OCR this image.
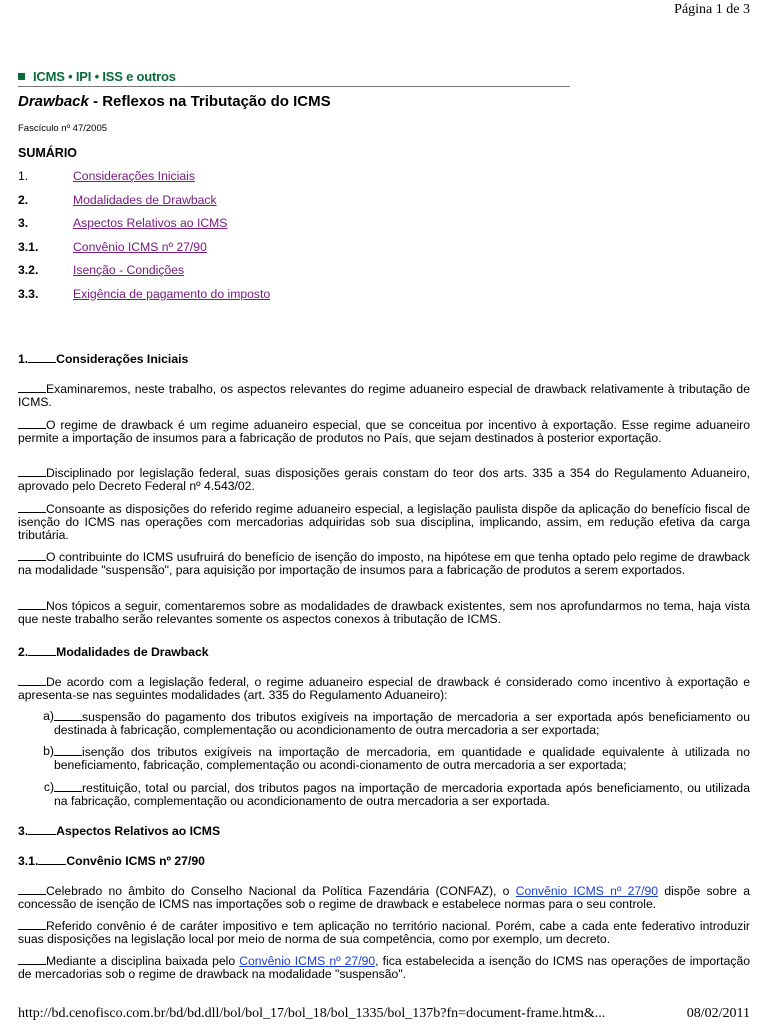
Página 1 de 3
ICMS • IPI • ISS e outros
Drawback - Reflexos na Tributação do ICMS
Fascículo nº 47/2005
SUMÁRIO
1.	Considerações Iniciais
2.	Modalidades de Drawback
3.	Aspectos Relativos ao ICMS
3.1.	Convênio ICMS nº 27/90
3.2.	Isenção - Condições
3.3.	Exigência de pagamento do imposto
1. Considerações Iniciais

Examinaremos, neste trabalho, os aspectos relevantes do regime aduaneiro especial de drawback relativamente à tributação de ICMS.

O regime de drawback é um regime aduaneiro especial, que se conceitua por incentivo à exportação. Esse regime aduaneiro permite a importação de insumos para a fabricação de produtos no País, que sejam destinados à posterior exportação.

Disciplinado por legislação federal, suas disposições gerais constam do teor dos arts. 335 a 354 do Regulamento Aduaneiro, aprovado pelo Decreto Federal nº 4.543/02.

Consoante as disposições do referido regime aduaneiro especial, a legislação paulista dispõe da aplicação do benefício fiscal de isenção do ICMS nas operações com mercadorias adquiridas sob sua disciplina, implicando, assim, em redução efetiva da carga tributária.

O contribuinte do ICMS usufruirá do benefício de isenção do imposto, na hipótese em que tenha optado pelo regime de drawback na modalidade "suspensão", para aquisição por importação de insumos para a fabricação de produtos a serem exportados.

Nos tópicos a seguir, comentaremos sobre as modalidades de drawback existentes, sem nos aprofundarmos no tema, haja vista que neste trabalho serão relevantes somente os aspectos conexos à tributação de ICMS.

2. Modalidades de Drawback

De acordo com a legislação federal, o regime aduaneiro especial de drawback é considerado como incentivo à exportação e apresenta-se nas seguintes modalidades (art. 335 do Regulamento Aduaneiro):

a)	suspensão do pagamento dos tributos exigíveis na importação de mercadoria a ser exportada após beneficiamento ou destinada à fabricação, complementação ou acondicionamento de outra mercadoria a ser exportada;
b)	isenção dos tributos exigíveis na importação de mercadoria, em quantidade e qualidade equivalente à utilizada no beneficiamento, fabricação, complementação ou acondi-cionamento de outra mercadoria a ser exportada;
c)	restituição, total ou parcial, dos tributos pagos na importação de mercadoria exportada após beneficiamento, ou utilizada na fabricação, complementação ou acondicionamento de outra mercadoria a ser exportada.
3. Aspectos Relativos ao ICMS
3.1. Convênio ICMS nº 27/90

Celebrado no âmbito do Conselho Nacional da Política Fazendária (CONFAZ), o Convênio ICMS nº 27/90 dispõe sobre a concessão de isenção de ICMS nas importações sob o regime de drawback e estabelece normas para o seu controle.

Referido convênio é de caráter impositivo e tem aplicação no território nacional. Porém, cabe a cada ente federativo introduzir suas disposições na legislação local por meio de norma de sua competência, como por exemplo, um decreto.

Mediante a disciplina baixada pelo Convênio ICMS nº 27/90, fica estabelecida a isenção do ICMS nas operações de importação de mercadorias sob o regime de drawback na modalidade "suspensão".

http://bd.cenofisco.com.br/bd/bd.dll/bol/bol_17/bol_18/bol_1335/bol_137b?fn=document-frame.htm&...	08/02/2011
